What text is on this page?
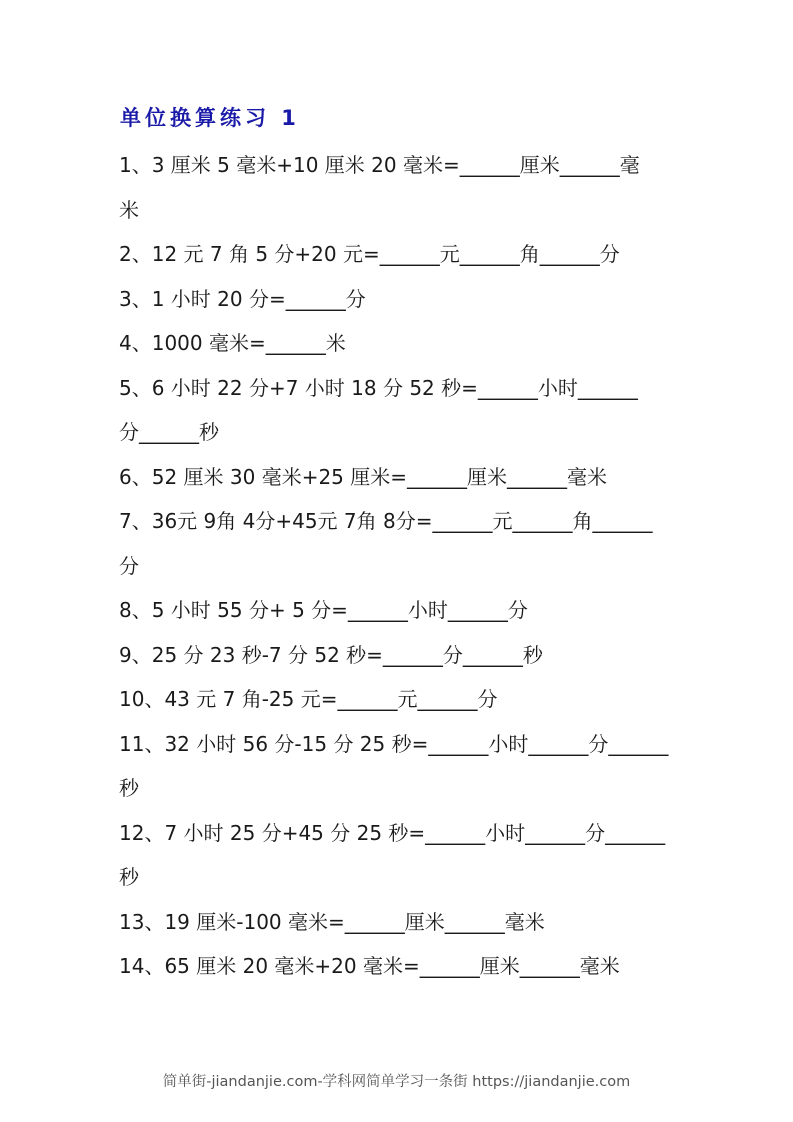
单位换算练习 1
1、3 厘米 5 毫米+10 厘米 20 毫米=______厘米______毫
米
2、12 元 7 角 5 分+20 元=______元______角______分
3、1 小时 20 分=______分
4、1000 毫米=______米
5、6 小时 22 分+7 小时 18 分 52 秒=______小时______
分______秒
6、52 厘米 30 毫米+25 厘米=______厘米______毫米
7、36元 9角 4分+45元 7角 8分=______元______角______
分
8、5 小时 55 分+ 5 分=______小时______分
9、25 分 23 秒-7 分 52 秒=______分______秒
10、43 元 7 角-25 元=______元______分
11、32 小时 56 分-15 分 25 秒=______小时______分______
秒
12、7 小时 25 分+45 分 25 秒=______小时______分______
秒
13、19 厘米-100 毫米=______厘米______毫米
14、65 厘米 20 毫米+20 毫米=______厘米______毫米
简单街-jiandanjie.com-学科网简单学习一条街 https://jiandanjie.com
